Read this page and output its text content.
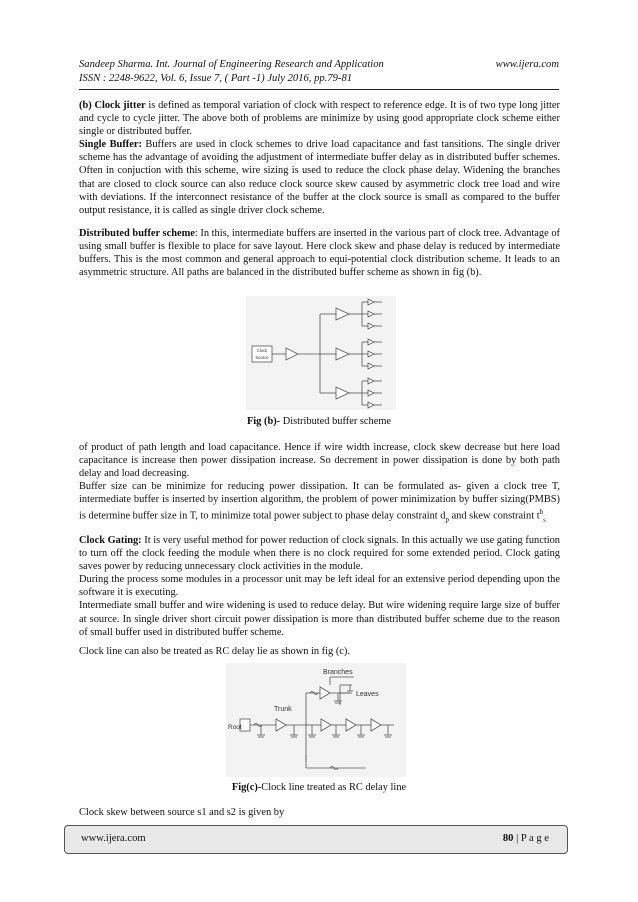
Sandeep Sharma. Int. Journal of Engineering Research and Application	www.ijera.com
ISSN : 2248-9622, Vol. 6, Issue 7, ( Part -1) July 2016, pp.79-81

(b) Clock jitter is defined as temporal variation of clock with respect to reference edge. It is of two type long jitter and cycle to cycle jitter. The above both of problems are minimize by using good appropriate clock scheme either single or distributed buffer.

Single Buffer: Buffers are used in clock schemes to drive load capacitance and fast tansitions. The single driver scheme has the advantage of avoiding the adjustment of intermediate buffer delay as in distributed buffer schemes. Often in conjuction with this scheme, wire sizing is used to reduce the clock phase delay. Widening the branches that are closed to clock source can also reduce clock source skew caused by asymmetric clock tree load and wire with deviations. If the interconnect resistance of the buffer at the clock source is small as compared to the buffer output resistance, it is called as single driver clock scheme.

Distributed buffer scheme: In this, intermediate buffers are inserted in the various part of clock tree. Advantage of using small buffer is flexible to place for save layout. Here clock skew and phase delay is reduced by intermediate buffers. This is the most common and general approach to equi-potential clock distribution scheme. It leads to an asymmetric structure. All paths are balanced in the distributed buffer scheme as shown in fig (b).

Clock
Source
Fig (b)- Distributed buffer scheme

of product of path length and load capacitance. Hence if wire width increase, clock skew decrease but here load capacitance is increase then power dissipation increase. So decrement in power dissipation is done by both path delay and load decreasing.

Buffer size can be minimize for reducing power dissipation. It can be formulated as- given a clock tree T, intermediate buffer is inserted by insertion algorithm, the problem of power minimization by buffer sizing(PMBS) is determine buffer size in T, to minimize total power subject to phase delay constraint $d_p$ and skew constraint $t^b_{s.}$

Clock Gating: It is very useful method for power reduction of clock signals. In this actually we use gating function to turn off the clock feeding the module when there is no clock required for some extended period. Clock gating saves power by reducing unnecessary clock activities in the module.

During the process some modules in a processor unit may be left ideal for an extensive period depending upon the software it is executing.

Intermediate small buffer and wire widening is used to reduce delay. But wire widening require large size of buffer at source. In single driver short circuit power dissipation is more than distributed buffer scheme due to the reason of small buffer used in distributed buffer scheme.

Clock line can also be treated as RC delay lie as shown in fig (c).

Branches
Leaves
Trunk
Root
Fig(c)-Clock line treated as RC delay line

Clock skew between source s1 and s2 is given by

www.ijera.com	80 | P a g e
